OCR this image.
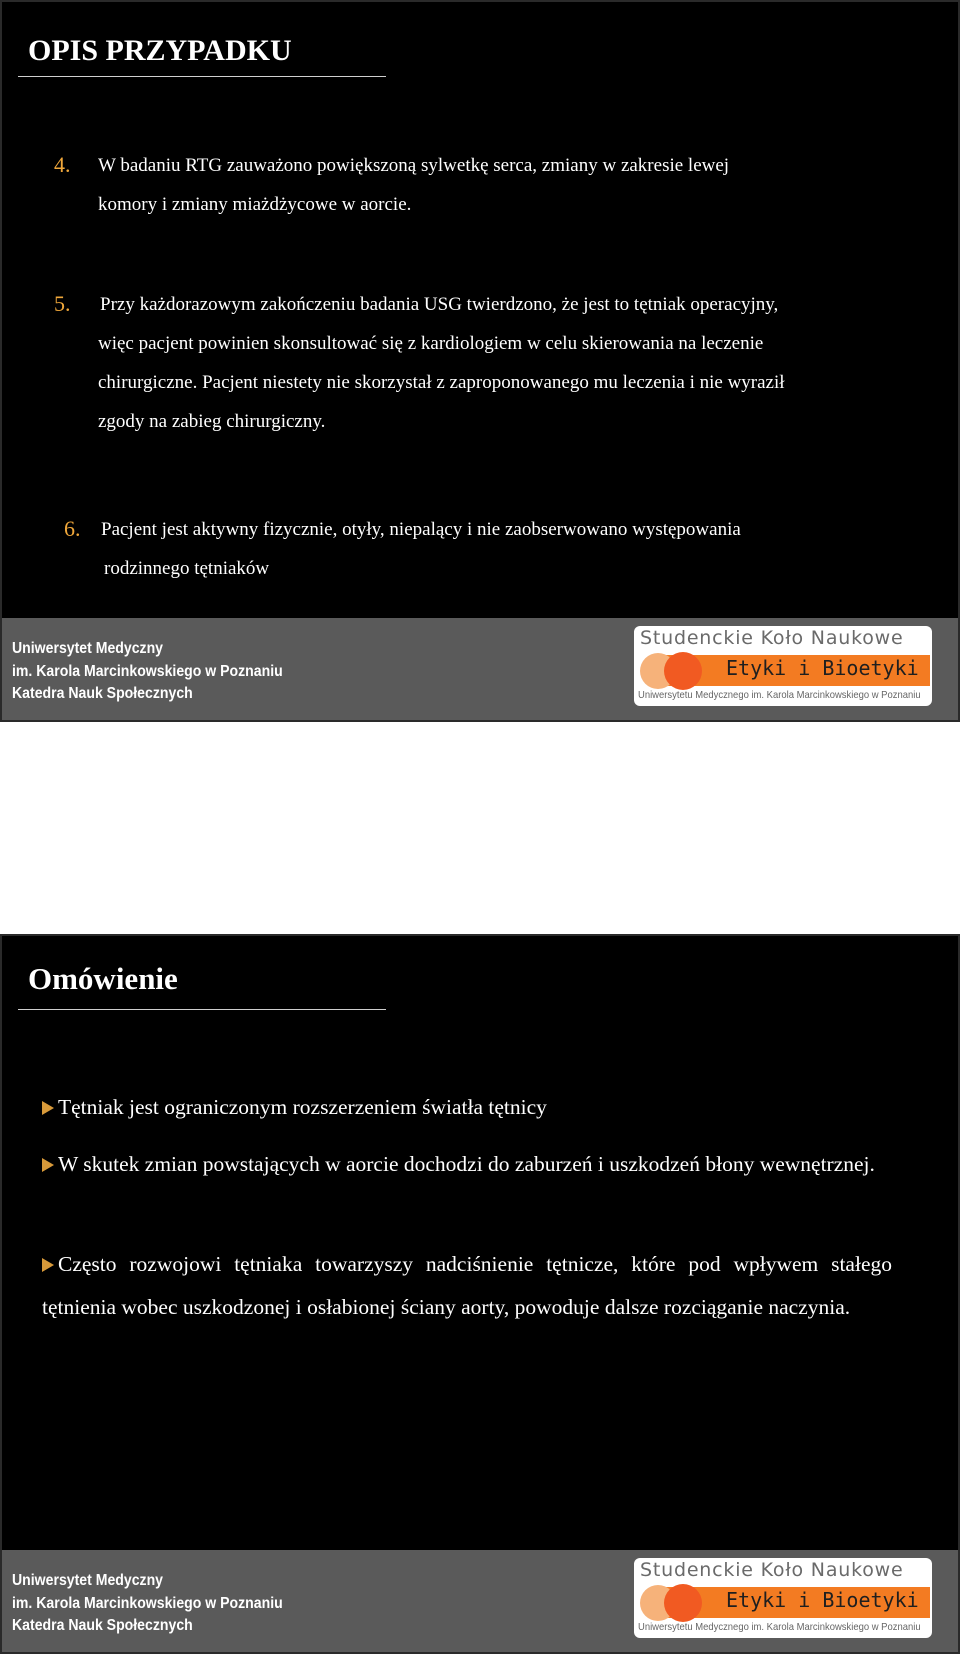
OPIS PRZYPADKU
4. W badaniu RTG zauważono powiększoną sylwetkę serca, zmiany w zakresie lewej
komory i zmiany miażdżycowe w aorcie.
5. Przy każdorazowym zakończeniu badania USG twierdzono, że jest to tętniak operacyjny,
więc pacjent powinien skonsultować się z kardiologiem w celu skierowania na leczenie
chirurgiczne. Pacjent niestety nie skorzystał z zaproponowanego mu leczenia i nie wyraził
zgody na zabieg chirurgiczny.
6. Pacjent jest aktywny fizycznie, otyły, niepalący i nie zaobserwowano występowania
rodzinnego tętniaków
Uniwersytet Medyczny
im. Karola Marcinkowskiego w Poznaniu
Katedra Nauk Społecznych
Studenckie Koło Naukowe
Etyki i Bioetyki
Uniwersytetu Medycznego im. Karola Marcinkowskiego w Poznaniu
Omówienie

Tętniak jest ograniczonym rozszerzeniem światła tętnicy

W skutek zmian powstających w aorcie dochodzi do zaburzeń i uszkodzeń błony wewnętrznej.

Często rozwojowi tętniaka towarzyszy nadciśnienie tętnicze, które pod wpływem stałego tętnienia wobec uszkodzonej i osłabionej ściany aorty, powoduje dalsze rozciąganie naczynia.

Uniwersytet Medyczny
im. Karola Marcinkowskiego w Poznaniu
Katedra Nauk Społecznych
Studenckie Koło Naukowe
Etyki i Bioetyki
Uniwersytetu Medycznego im. Karola Marcinkowskiego w Poznaniu
